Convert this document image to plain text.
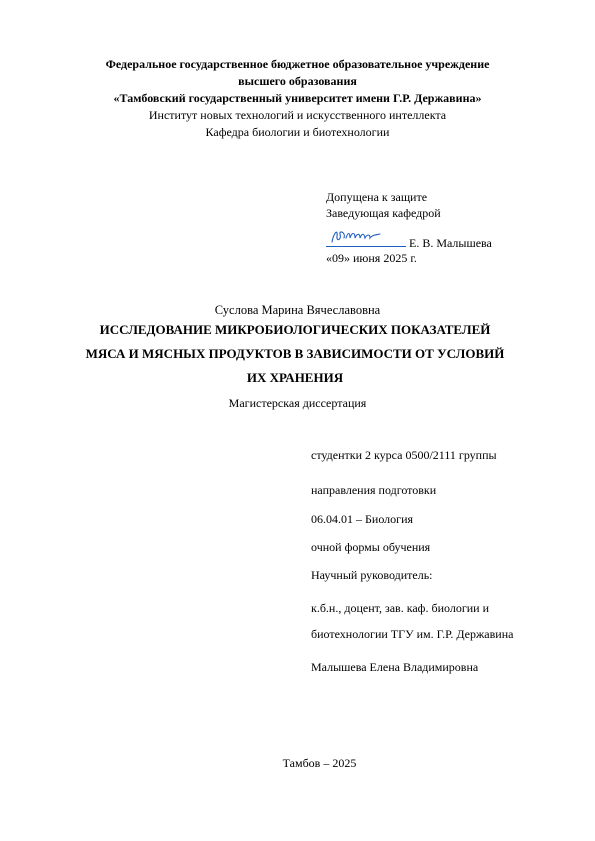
Федеральное государственное бюджетное образовательное учреждение
высшего образования
«Тамбовский государственный университет имени Г.Р. Державина»
Институт новых технологий и искусственного интеллекта
Кафедра биологии и биотехнологии
Допущена к защите
Заведующая кафедрой
Е. В. Малышева
«09» июня 2025 г.
Суслова Марина Вячеславовна
ИССЛЕДОВАНИЕ МИКРОБИОЛОГИЧЕСКИХ ПОКАЗАТЕЛЕЙ
МЯСА И МЯСНЫХ ПРОДУКТОВ В ЗАВИСИМОСТИ ОТ УСЛОВИЙ
ИХ ХРАНЕНИЯ
Магистерская диссертация
студентки 2 курса 0500/2111 группы
направления подготовки
06.04.01 – Биология
очной формы обучения
Научный руководитель:
к.б.н., доцент, зав. каф. биологии и
биотехнологии ТГУ им. Г.Р. Державина
Малышева Елена Владимировна
Тамбов – 2025
